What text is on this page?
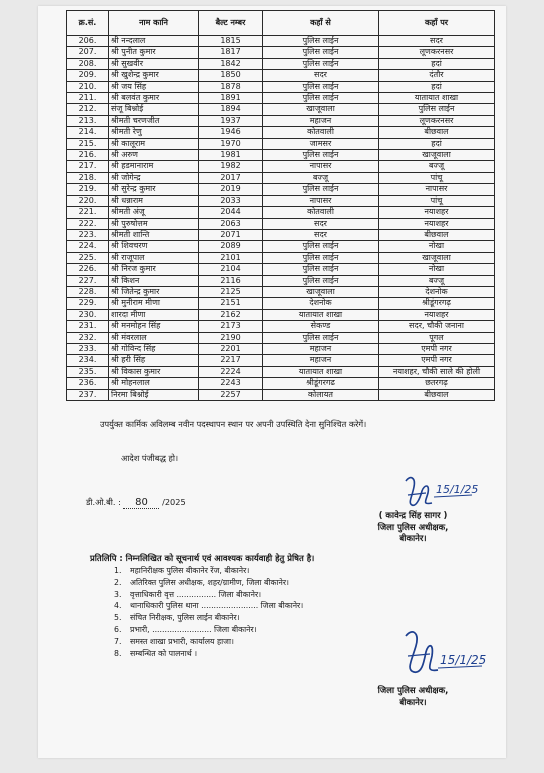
क्र.सं.	नाम कानि	बैल्ट नम्बर	कहाँ से	कहाँ पर
206.	श्री नन्दलाल	1815	पुलिस लाईन	सदर
207.	श्री पुनीत कुमार	1817	पुलिस लाईन	लूणकरनसर
208.	श्री सुखवीर	1842	पुलिस लाईन	हदां
209.	श्री खुशेन्द्र कुमार	1850	सदर	दंतौर
210.	श्री जय सिंह	1878	पुलिस लाईन	हदां
211.	श्री बलवंत कुमार	1891	पुलिस लाईन	यातायात शाखा
212.	संजू बिश्नोई	1894	खाजूवाला	पुलिस लाईन
213.	श्रीमती चरणजीत	1937	महाजन	लूणकरनसर
214.	श्रीमती रेणु	1946	कोतवाली	बीछवाल
215.	श्री कालूराम	1970	जामसर	हदां
216.	श्री अरुण	1981	पुलिस लाईन	खाजूवाला
217.	श्री हडमानाराम	1982	नापासर	बज्जू
218.	श्री जोगेन्द्र	2017	बज्जू	पांचू
219.	श्री सुरेन्द्र कुमार	2019	पुलिस लाईन	नापासर
220.	श्री धन्नाराम	2033	नापासर	पांचू
221.	श्रीमती अंजू	2044	कोतवाली	नयाशहर
222.	श्री पुरुषोत्तम	2063	सदर	नयाशहर
223.	श्रीमती शान्ति	2071	सदर	बीछवाल
224.	श्री शिवचरण	2089	पुलिस लाईन	नोखा
225.	श्री राजूपाल	2101	पुलिस लाईन	खाजूवाला
226.	श्री निरज कुमार	2104	पुलिस लाईन	नोखा
227.	श्री किशन	2116	पुलिस लाईन	बज्जू
228.	श्री जितेन्द्र कुमार	2125	खाजूवाला	देशनोक
229.	श्री मुनीराम मीणा	2151	देशनोक	श्रीडूंगरगढ़
230.	शारदा मीणा	2162	यातायात शाखा	नयाशहर
231.	श्री मनमोहन सिंह	2173	सेकण्ड	सदर, चौकी जनाना
232.	श्री मंवरलाल	2190	पुलिस लाईन	पूगल
233.	श्री गोविन्द सिंह	2201	महाजन	एमपी नगर
234.	श्री हरी सिंह	2217	महाजन	एमपी नगर
235.	श्री विकास कुमार	2224	यातायात शाखा	नयाशहर, चौकी साले की होली
236.	श्री मोहनलाल	2243	श्रीडूंगरगढ	छतरगढ़
237.	निरमा बिश्नोई	2257	कोलायत	बीछवाल
उपर्युक्त कार्मिक अविलम्ब नवीन पदस्थापन स्थान पर अपनी उपस्थिति देना सुनिश्चित करेगें।
आदेश पंजीबद्ध हो।
डी.ओ.बी. : 80 /2025
15/1/25
( कावेन्द्र सिंह सागर )
जिला पुलिस अधीक्षक,
बीकानेर।
प्रतिलिपि : निम्नलिखित को सूचनार्थ एवं आवश्यक कार्यवाही हेतु प्रेषित है।
1. महानिरीक्षक पुलिस बीकानेर रेंज, बीकानेर।
2. अतिरिक्त पुलिस अधीक्षक, शहर/ग्रामीण, जिला बीकानेर।
3. वृत्ताधिकारी वृत्त ................ जिला बीकानेर।
4. थानाधिकारी पुलिस थाना ....................... जिला बीकानेर।
5. संचित निरीक्षक, पुलिस लाईन बीकानेर।
6. प्रभारी, ........................ जिला बीकानेर।
7. समस्त शाखा प्रभारी, कार्यालय हाजा।
8. सम्बन्धित को पालनार्थ ।	15/1/25
जिला पुलिस अधीक्षक,
बीकानेर।
